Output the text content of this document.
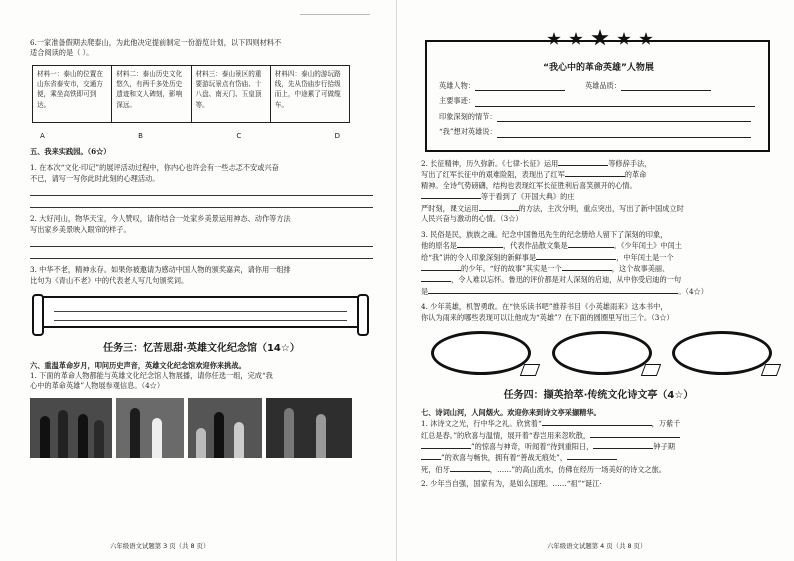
6.一家准备假期去爬泰山，为此他决定提前制定一份游览计划，以下四则材料不

适合阅读的是（ ）。

材料一：泰山的位置在山东省泰安市，交通方便，乘坐高铁即可到达。
材料二：泰山历史文化悠久，有两千多处历史遗迹和文人碑刻，影响深远。
材料三：泰山景区的重要游玩景点有岱庙、十八盘、南天门、玉皇顶等。
材料四：泰山的游玩路线，先从岱庙步行拾级而上，中途累了可做缆车。
A	B	C	D

五、我来实践园。（6☆）

1. 在本次“文化·印记”的展评活动过程中，你内心也许会有一些忐忑不安或兴奋

不已，请写一写你此时此刻的心理活动。

2. 大好河山，物华天宝，今人赞叹，请你结合一处家乡美景运用神态、动作等方法

写出家乡美景映入眼帘的样子。

3. 中华不老，精神永存。如果你被邀请为感动中国人物的颁奖嘉宾，请你用一组排

比句为《青山不老》中的代表老人写几句颁奖词。

任务三：忆苦思甜·英雄文化纪念馆（14☆）

六、重温革命岁月，叩问历史声音，英雄文化纪念馆欢迎你来挑战。

1. 下面的革命人物都能与英雄文化纪念馆人物展播，请你任选一组，完成“我

心中的革命英雄”人物展参观信息。（4☆）

六年级语文试题第 3 页（共 8 页）
“我心中的革命英雄”人物展
英雄人物：	英雄品质：
主要事迹：
印象深刻的情节：
“我”想对英雄说：

2. 长征精神，历久弥新。《七律·长征》运用	等修辞手法，

写出了红军长征中的艰难险阻，表现出了红军	的革命

精神。全诗气势磅礴，结构也表现红军长征胜利后喜笑颜开的心情。

等于看到了《开国大典》的庄

严时刻，课文运用	的方法，主次分明，重点突出，写出了新中国成立时

人民兴奋与激动的心情。（3☆）

3. 民俗是民，族族之魂。纪念中国鲁迅先生的纪念册给人留下了深刻的印象，

他的原名是	，代表作品散文集是	。《少年闰土》中闰土

给“我”讲的令人印象深刻的新鲜事是	，中年闰土是一个

的少年。“好的故事”其实是一个	，这个故事美丽、

，令人难以忘怀。鲁迅的评价都是对人深刻的启迪，从中你受启迪的一句

是	。（4☆）

4. 少年英雄，机智勇敢。在“快乐读书吧”推荐书目《小英雄雨来》这本书中，

你认为雨来的哪些表现可以让他成为“英雄”？在下面的圆圈里写出三个。（3☆）

任务四：撷英拾萃·传统文化诗文亭（4☆）

七、诗词山河，人间烟火。欢迎你来到诗文亭采撷精华。

1. 沐诗文之光，行中华之礼。欣赏着“	，万紫千

红总是春。”的欣喜与温情，展开着“春岂用来忽吹散，

”的惊喜与神奇，听闻着“待到重阳日，	钟子期

”的欢喜与畅快，拥有着“善战无痕处”，

死，伯牙	，……”的高山流水，仿佛在经历一场美好的诗文之旅。

2. 少年当自强，国家有为，是如么国理。……“祖”“诞江·

六年级语文试题第 4 页（共 8 页）
